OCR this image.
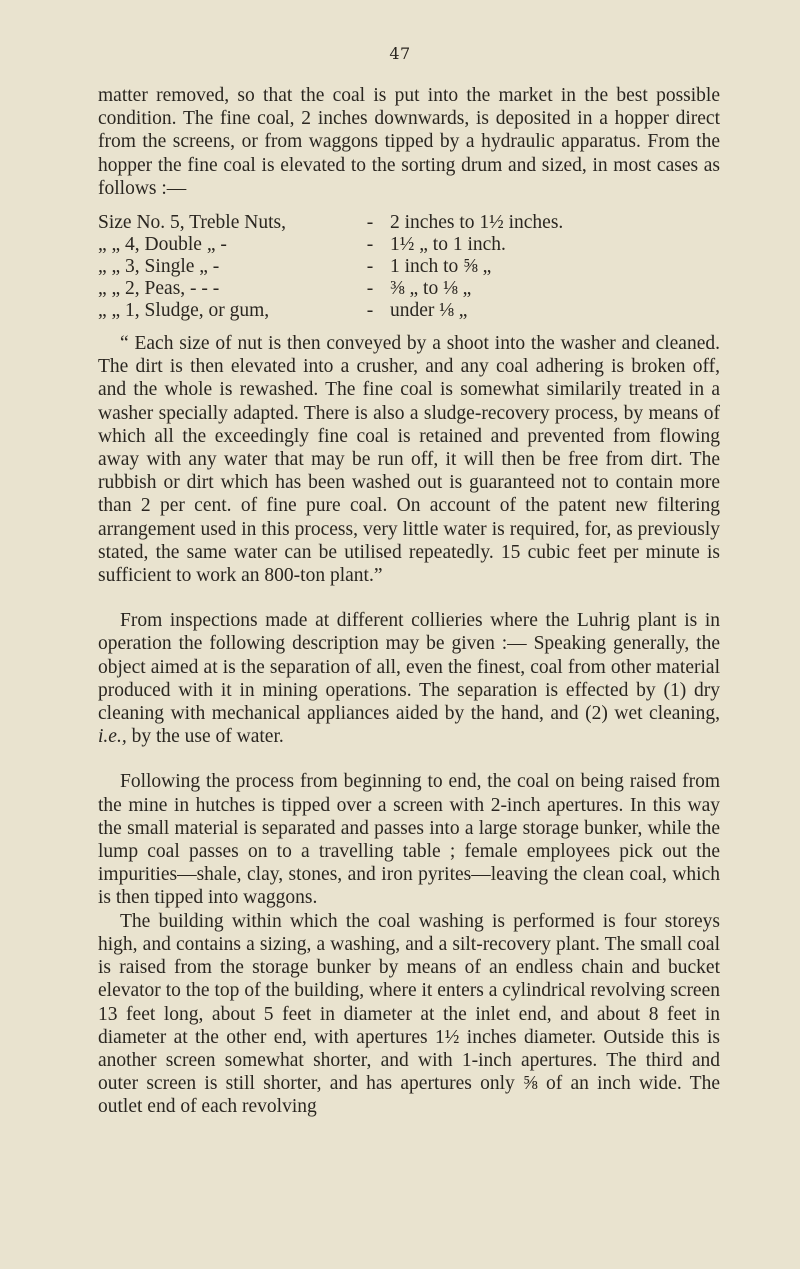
47

matter removed, so that the coal is put into the market in the best possible condition. The fine coal, 2 inches downwards, is deposited in a hopper direct from the screens, or from waggons tipped by a hydraulic apparatus. From the hopper the fine coal is elevated to the sorting drum and sized, in most cases as follows :—

Size No. 5, Treble Nuts,	-	2 inches to 1½ inches.
„ „ 4, Double „ -	-	1½ „ to 1 inch.
„ „ 3, Single „ -	-	1 inch to ⅝ „
„ „ 2, Peas, - - -	-	⅜ „ to ⅛ „
„ „ 1, Sludge, or gum,	-	under ⅛ „

“ Each size of nut is then conveyed by a shoot into the washer and cleaned. The dirt is then elevated into a crusher, and any coal adhering is broken off, and the whole is rewashed. The fine coal is somewhat similarily treated in a washer specially adapted. There is also a sludge-recovery process, by means of which all the exceedingly fine coal is retained and prevented from flowing away with any water that may be run off, it will then be free from dirt. The rubbish or dirt which has been washed out is guaranteed not to contain more than 2 per cent. of fine pure coal. On account of the patent new filtering arrangement used in this process, very little water is required, for, as previously stated, the same water can be utilised repeatedly. 15 cubic feet per minute is sufficient to work an 800-ton plant.”

From inspections made at different collieries where the Luhrig plant is in operation the following description may be given :— Speaking generally, the object aimed at is the separation of all, even the finest, coal from other material produced with it in mining operations. The separation is effected by (1) dry cleaning with mechanical appliances aided by the hand, and (2) wet cleaning, i.e., by the use of water.

Following the process from beginning to end, the coal on being raised from the mine in hutches is tipped over a screen with 2-inch apertures. In this way the small material is separated and passes into a large storage bunker, while the lump coal passes on to a travelling table ; female employees pick out the impurities—shale, clay, stones, and iron pyrites—leaving the clean coal, which is then tipped into waggons.

The building within which the coal washing is performed is four storeys high, and contains a sizing, a washing, and a silt-recovery plant. The small coal is raised from the storage bunker by means of an endless chain and bucket elevator to the top of the building, where it enters a cylindrical revolving screen 13 feet long, about 5 feet in diameter at the inlet end, and about 8 feet in diameter at the other end, with apertures 1½ inches diameter. Outside this is another screen somewhat shorter, and with 1-inch apertures. The third and outer screen is still shorter, and has apertures only ⅝ of an inch wide. The outlet end of each revolving
